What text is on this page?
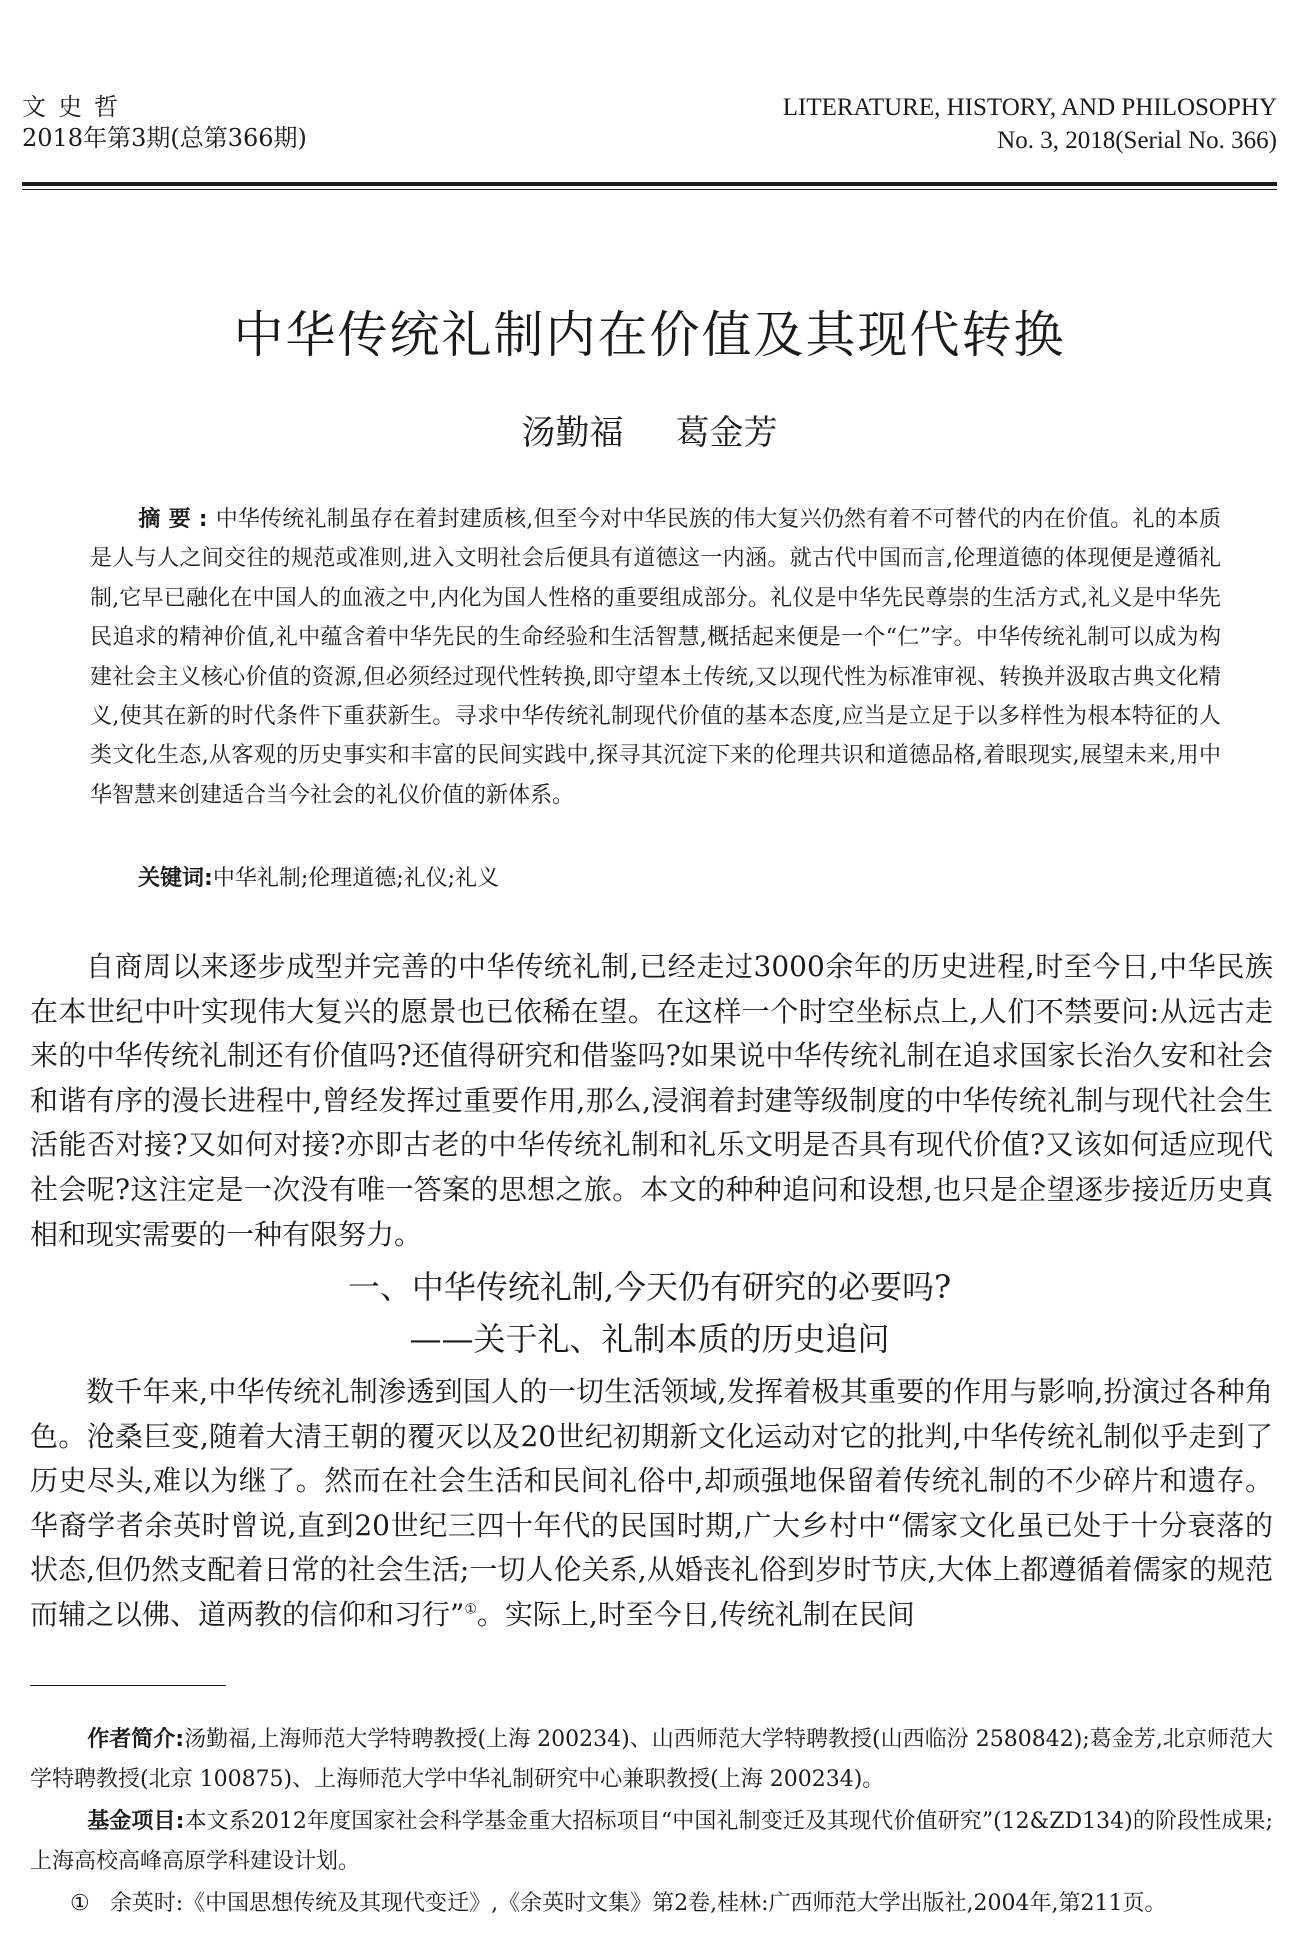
文史哲
2018年第3期(总第366期)
LITERATURE, HISTORY, AND PHILOSOPHY
No. 3, 2018(Serial No. 366)
中华传统礼制内在价值及其现代转换
汤勤福 葛金芳
摘要:中华传统礼制虽存在着封建质核,但至今对中华民族的伟大复兴仍然有着不可替代的内在价值。礼的本质是人与人之间交往的规范或准则,进入文明社会后便具有道德这一内涵。就古代中国而言,伦理道德的体现便是遵循礼制,它早已融化在中国人的血液之中,内化为国人性格的重要组成部分。礼仪是中华先民尊崇的生活方式,礼义是中华先民追求的精神价值,礼中蕴含着中华先民的生命经验和生活智慧,概括起来便是一个“仁”字。中华传统礼制可以成为构建社会主义核心价值的资源,但必须经过现代性转换,即守望本土传统,又以现代性为标准审视、转换并汲取古典文化精义,使其在新的时代条件下重获新生。寻求中华传统礼制现代价值的基本态度,应当是立足于以多样性为根本特征的人类文化生态,从客观的历史事实和丰富的民间实践中,探寻其沉淀下来的伦理共识和道德品格,着眼现实,展望未来,用中华智慧来创建适合当今社会的礼仪价值的新体系。
关键词:中华礼制;伦理道德;礼仪;礼义
自商周以来逐步成型并完善的中华传统礼制,已经走过3000余年的历史进程,时至今日,中华民族在本世纪中叶实现伟大复兴的愿景也已依稀在望。在这样一个时空坐标点上,人们不禁要问:从远古走来的中华传统礼制还有价值吗?还值得研究和借鉴吗?如果说中华传统礼制在追求国家长治久安和社会和谐有序的漫长进程中,曾经发挥过重要作用,那么,浸润着封建等级制度的中华传统礼制与现代社会生活能否对接?又如何对接?亦即古老的中华传统礼制和礼乐文明是否具有现代价值?又该如何适应现代社会呢?这注定是一次没有唯一答案的思想之旅。本文的种种追问和设想,也只是企望逐步接近历史真相和现实需要的一种有限努力。
一、中华传统礼制,今天仍有研究的必要吗?
——关于礼、礼制本质的历史追问
数千年来,中华传统礼制渗透到国人的一切生活领域,发挥着极其重要的作用与影响,扮演过各种角色。沧桑巨变,随着大清王朝的覆灭以及20世纪初期新文化运动对它的批判,中华传统礼制似乎走到了历史尽头,难以为继了。然而在社会生活和民间礼俗中,却顽强地保留着传统礼制的不少碎片和遗存。华裔学者余英时曾说,直到20世纪三四十年代的民国时期,广大乡村中“儒家文化虽已处于十分衰落的状态,但仍然支配着日常的社会生活;一切人伦关系,从婚丧礼俗到岁时节庆,大体上都遵循着儒家的规范而辅之以佛、道两教的信仰和习行”①。实际上,时至今日,传统礼制在民间
作者简介:汤勤福,上海师范大学特聘教授(上海 200234)、山西师范大学特聘教授(山西临汾 2580842);葛金芳,北京师范大学特聘教授(北京 100875)、上海师范大学中华礼制研究中心兼职教授(上海 200234)。
基金项目:本文系2012年度国家社会科学基金重大招标项目“中国礼制变迁及其现代价值研究”(12&ZD134)的阶段性成果;上海高校高峰高原学科建设计划。
① 余英时:《中国思想传统及其现代变迁》,《余英时文集》第2卷,桂林:广西师范大学出版社,2004年,第211页。
